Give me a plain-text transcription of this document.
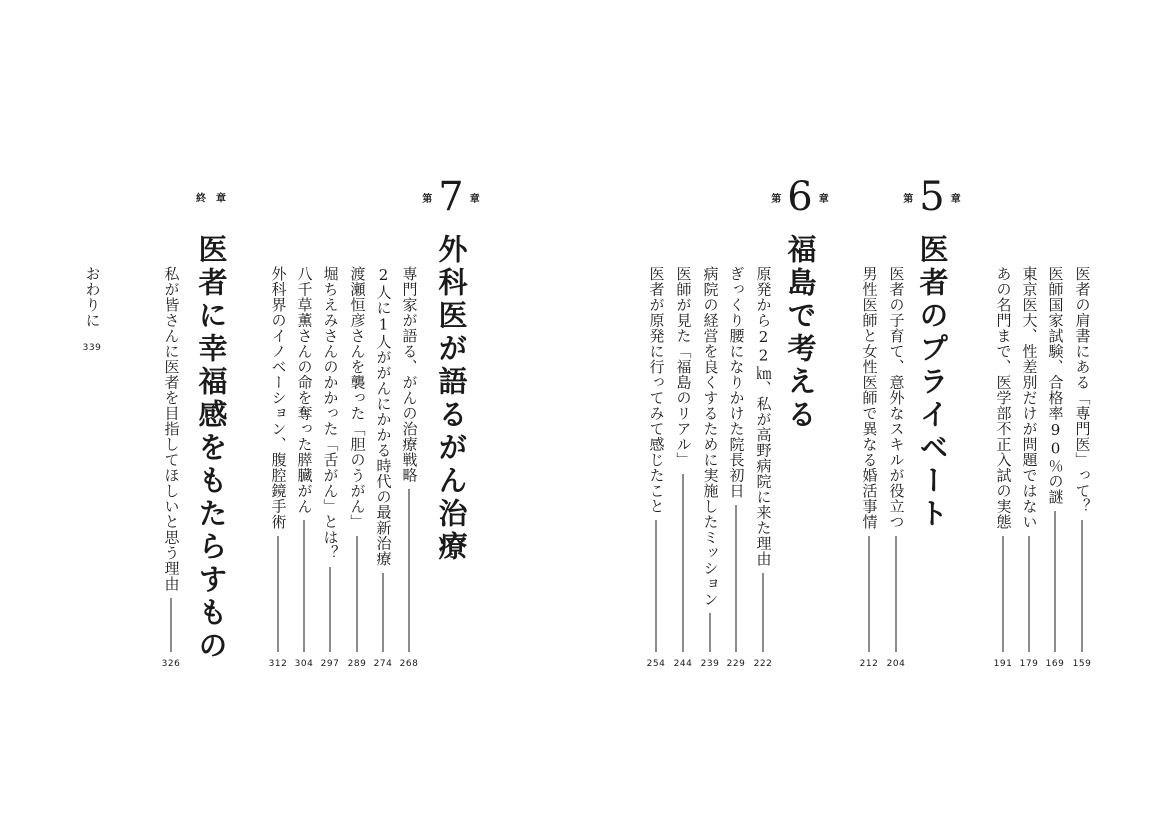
第 5 章
医者のプライベート	医者の肩書にある「専門医」って？
159
医師国家試験、合格率90％の謎
169
東京医大、性差別だけが問題ではない
179
あの名門まで、医学部不正入試の実態
191
医者の子育て、意外なスキルが役立つ
204
男性医師と女性医師で異なる婚活事情
212
第 6 章
福島で考える
原発から22㎞、私が高野病院に来た理由
222
ぎっくり腰になりかけた院長初日
229
病院の経営を良くするために実施したミッション
239
医師が見た「福島のリアル」
244
医者が原発に行ってみて感じたこと
254
第 7 章
外科医が語るがん治療
専門家が語る、がんの治療戦略
268
2人に1人ががんにかかる時代の最新治療
274
渡瀬恒彦さんを襲った「胆のうがん」
289
堀ちえみさんのかかった「舌がん」とは？
297
八千草薫さんの命を奪った膵臓がん
304
外科界のイノベーション、腹腔鏡手術
312
終 章
医者に幸福感をもたらすもの
私が皆さんに医者を目指してほしいと思う理由
326
おわりに
339
